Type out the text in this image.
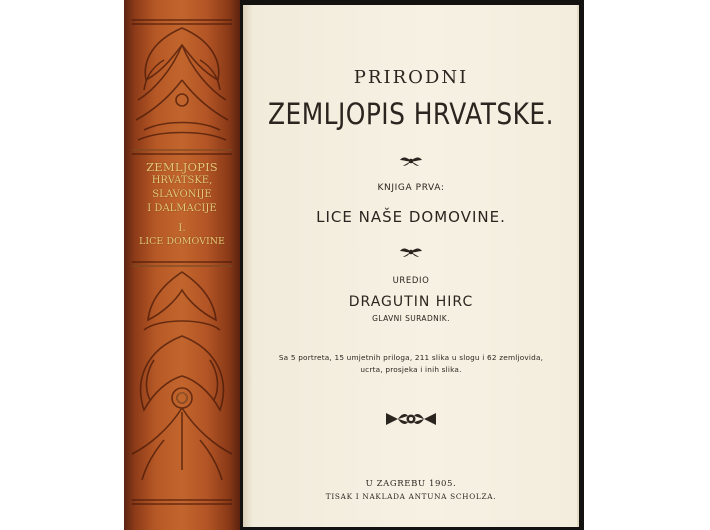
ZEMLJOPIS
HRVATSKE, SLAVONIJE
I DALMACIJE
I.
LICE DOMOVINE
PRIRODNI
ZEMLJOPIS HRVATSKE.
KNJIGA PRVA:
LICE NAŠE DOMOVINE.
UREDIO
DRAGUTIN HIRC
GLAVNI SURADNIK.
Sa 5 portreta, 15 umjetnih priloga, 211 slika u slogu i 62 zemljovida, ucrta, prosjeka i inih slika.
U ZAGREBU 1905.
TISAK I NAKLADA ANTUNA SCHOLZA.
